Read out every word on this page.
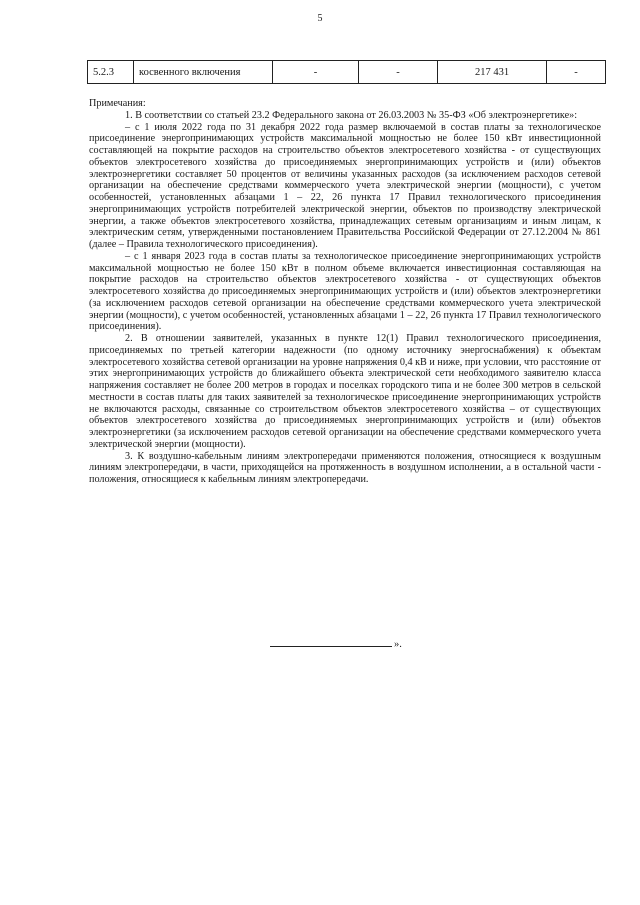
5
5.2.3	косвенного включения	-	-	217 431	-

Примечания:

1. В соответствии со статьей 23.2 Федерального закона от 26.03.2003 № 35-ФЗ «Об электроэнергетике»:

– с 1 июля 2022 года по 31 декабря 2022 года размер включаемой в состав платы за технологическое присоединение энергопринимающих устройств максимальной мощностью не более 150 кВт инвестиционной составляющей на покрытие расходов на строительство объектов электросетевого хозяйства - от существующих объектов электросетевого хозяйства до присоединяемых энергопринимающих устройств и (или) объектов электроэнергетики составляет 50 процентов от величины указанных расходов (за исключением расходов сетевой организации на обеспечение средствами коммерческого учета электрической энергии (мощности), с учетом особенностей, установленных абзацами 1 – 22, 26 пункта 17 Правил технологического присоединения энергопринимающих устройств потребителей электрической энергии, объектов по производству электрической энергии, а также объектов электросетевого хозяйства, принадлежащих сетевым организациям и иным лицам, к электрическим сетям, утвержденными постановлением Правительства Российской Федерации от 27.12.2004 № 861 (далее – Правила технологического присоединения).

– с 1 января 2023 года в состав платы за технологическое присоединение энергопринимающих устройств максимальной мощностью не более 150 кВт в полном объеме включается инвестиционная составляющая на покрытие расходов на строительство объектов электросетевого хозяйства - от существующих объектов электросетевого хозяйства до присоединяемых энергопринимающих устройств и (или) объектов электроэнергетики (за исключением расходов сетевой организации на обеспечение средствами коммерческого учета электрической энергии (мощности), с учетом особенностей, установленных абзацами 1 – 22, 26 пункта 17 Правил технологического присоединения).

2. В отношении заявителей, указанных в пункте 12(1) Правил технологического присоединения, присоединяемых по третьей категории надежности (по одному источнику энергоснабжения) к объектам электросетевого хозяйства сетевой организации на уровне напряжения 0,4 кВ и ниже, при условии, что расстояние от этих энергопринимающих устройств до ближайшего объекта электрической сети необходимого заявителю класса напряжения составляет не более 200 метров в городах и поселках городского типа и не более 300 метров в сельской местности в состав платы для таких заявителей за технологическое присоединение энергопринимающих устройств не включаются расходы, связанные со строительством объектов электросетевого хозяйства – от существующих объектов электросетевого хозяйства до присоединяемых энергопринимающих устройств и (или) объектов электроэнергетики (за исключением расходов сетевой организации на обеспечение средствами коммерческого учета электрической энергии (мощности).

3. К воздушно-кабельным линиям электропередачи применяются положения, относящиеся к воздушным линиям электропередачи, в части, приходящейся на протяженность в воздушном исполнении, а в остальной части - положения, относящиеся к кабельным линиям электропередачи.

».
